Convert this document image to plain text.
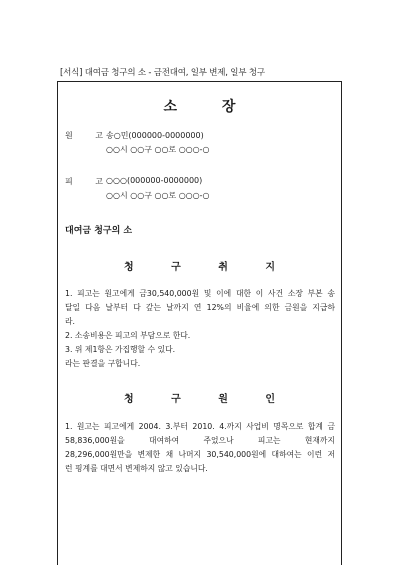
[서식] 대여금 청구의 소 - 금전대여, 일부 변제, 일부 청구
소 장
원 고
송○민(000000-0000000)
○○시 ○○구 ○○로 ○○○-○
피 고
○○○(000000-0000000)
○○시 ○○구 ○○로 ○○○-○
대여금 청구의 소
청 구 취 지
1. 피고는 원고에게 금30,540,000원 및 이에 대한 이 사건 소장 부본 송
달일 다음 날부터 다 갚는 날까지 연 12%의 비율에 의한 금원을 지급하
라.
2. 소송비용은 피고의 부담으로 한다.
3. 위 제1항은 가집행할 수 있다.
라는 판결을 구합니다.
청 구 원 인
1. 원고는 피고에게 2004. 3.부터 2010. 4.까지 사업비 명목으로 합계 금
58,836,000원을 대여하여 주었으나 피고는 현재까지
28,296,000원만을 변제한 채 나머지 30,540,000원에 대하여는 이런 저
런 핑계를 대면서 변제하지 않고 있습니다.
